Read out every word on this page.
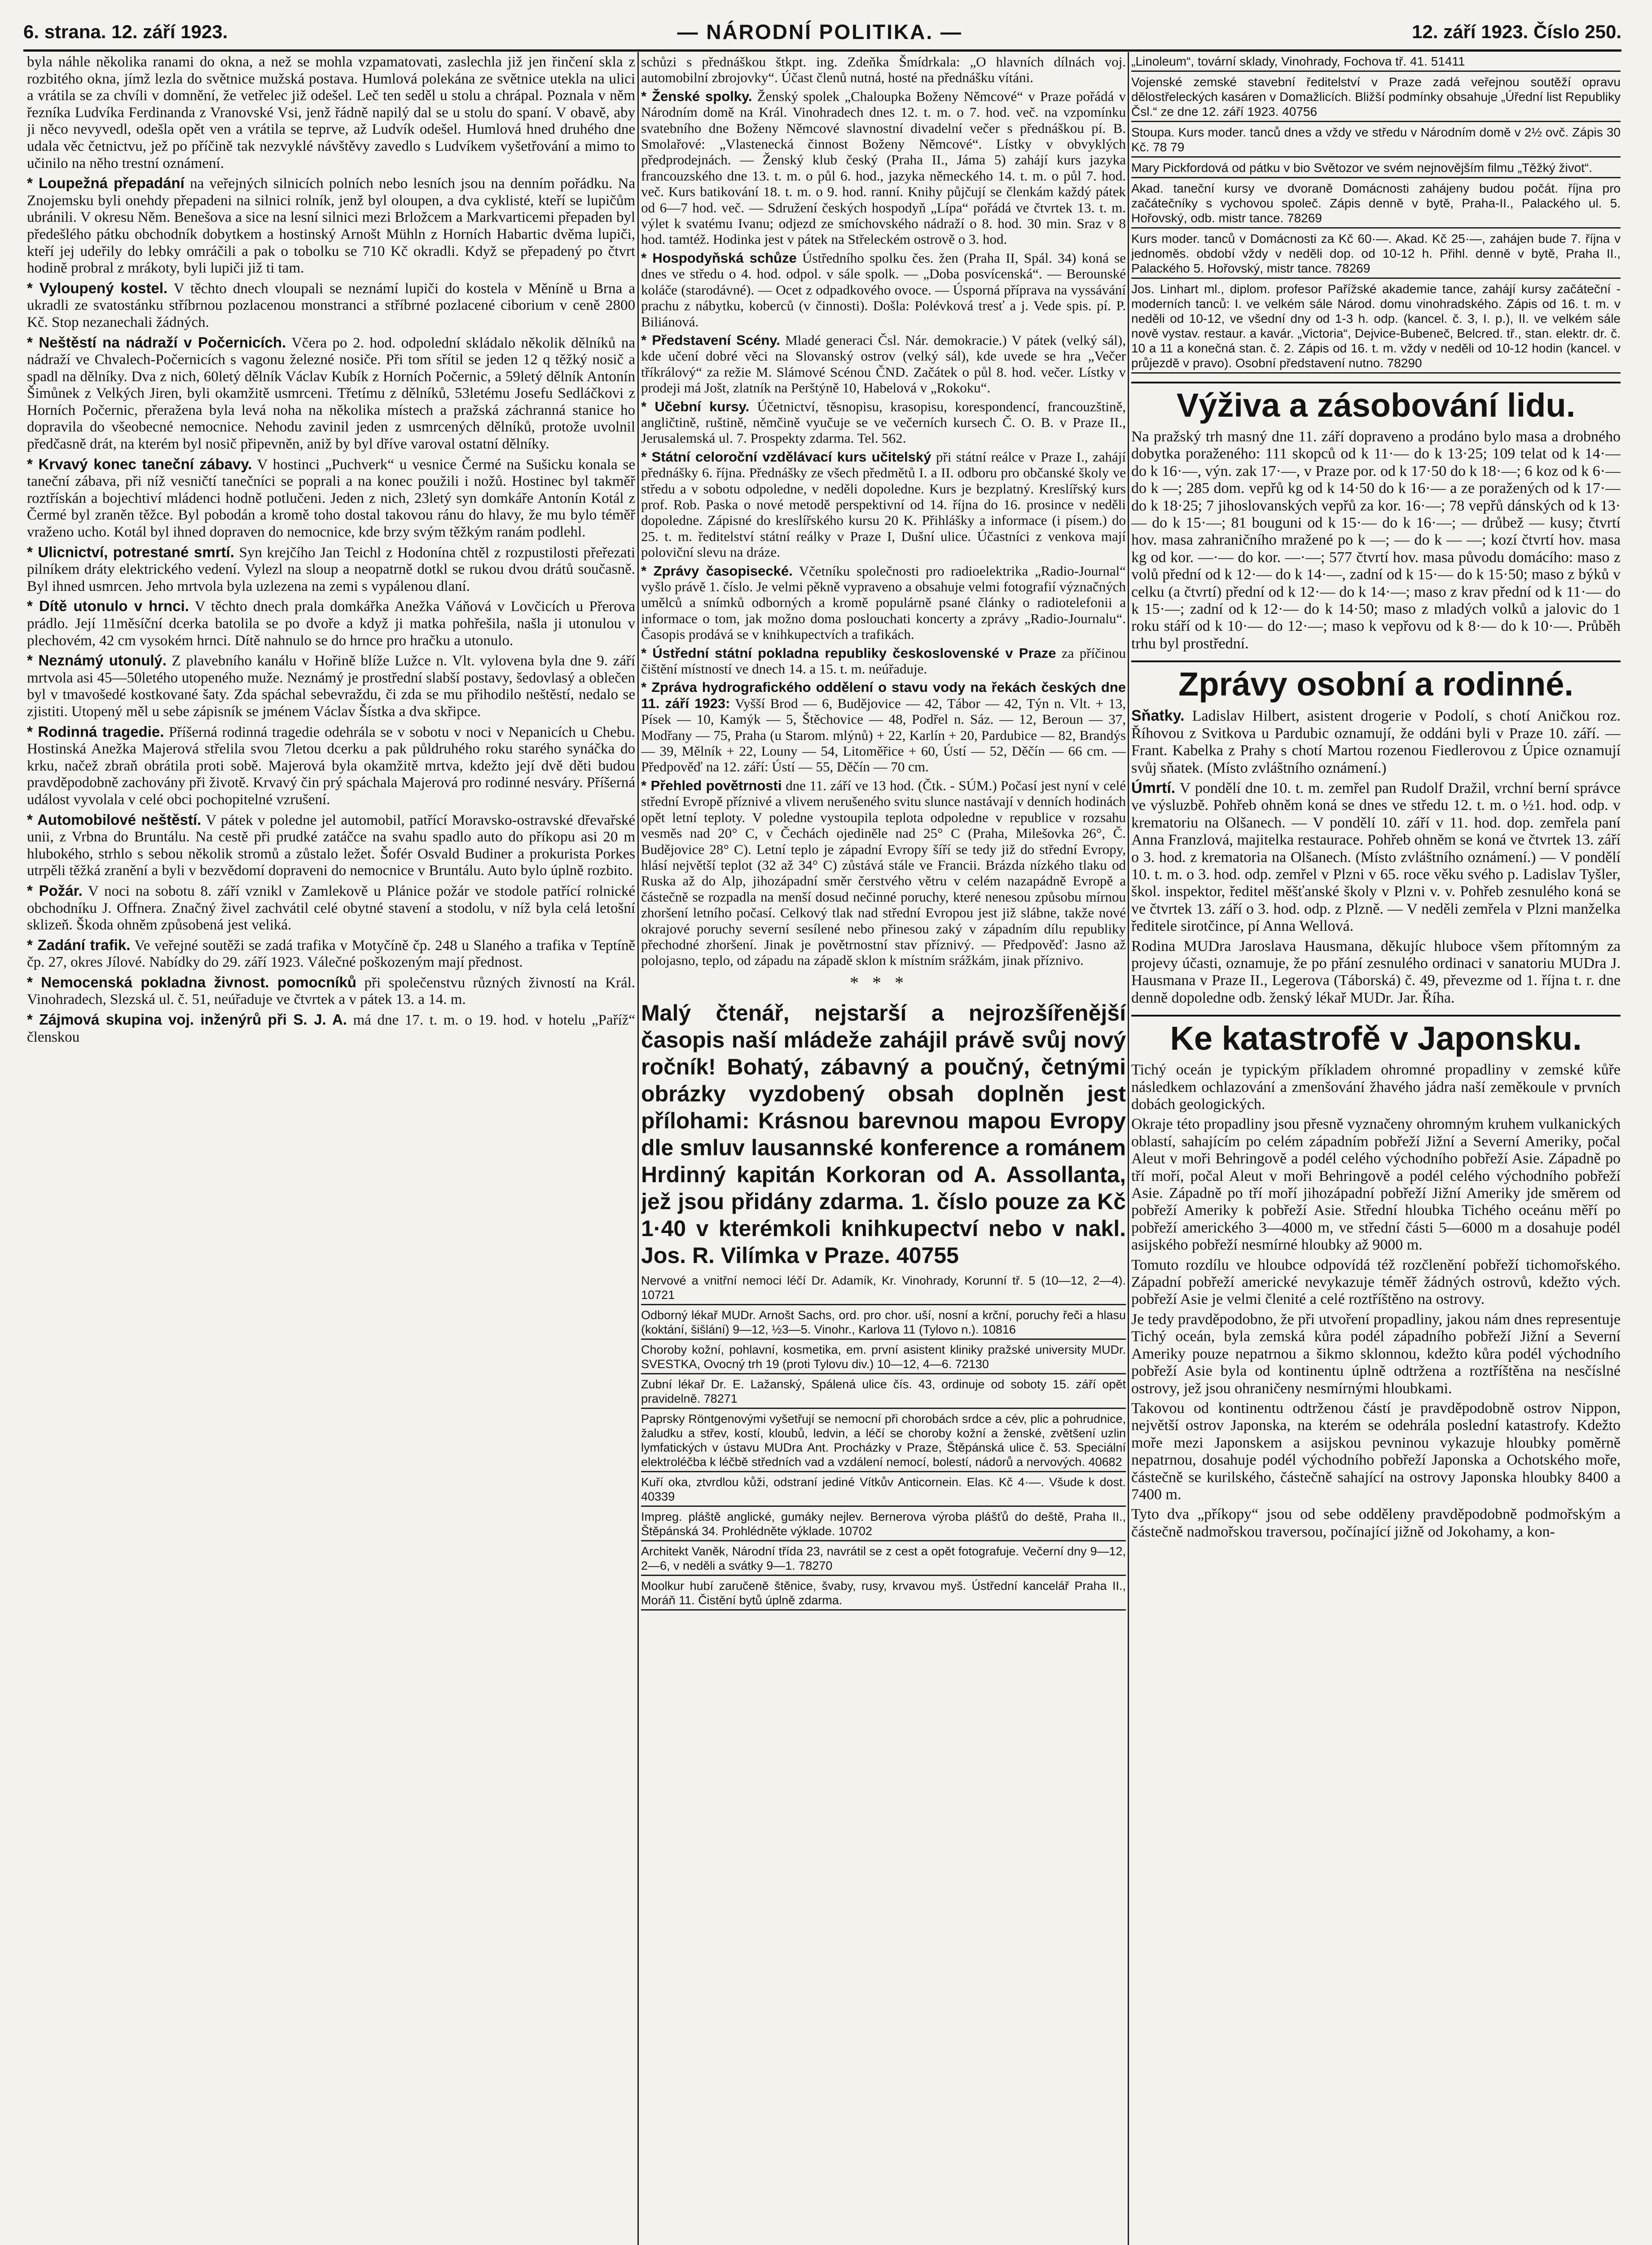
6. strana. 12. září 1923.	— NÁRODNÍ POLITIKA. —	12. září 1923. Číslo 250.

byla náhle několika ranami do okna, a než se mohla vzpamatovati, zaslechla již jen řinčení skla z rozbitého okna, jímž lezla do světnice mužská postava. Humlová polekána ze světnice utekla na ulici a vrátila se za chvíli v domnění, že vetřelec již odešel. Leč ten seděl u stolu a chrápal. Poznala v něm řezníka Ludvíka Ferdinanda z Vranovské Vsi, jenž řádně napilý dal se u stolu do spaní. V obavě, aby ji něco nevyvedl, odešla opět ven a vrátila se teprve, až Ludvík odešel. Humlová hned druhého dne udala věc četnictvu, jež po příčině tak nezvyklé návštěvy zavedlo s Ludvíkem vyšetřování a mimo to učinilo na něho trestní oznámení.

* Loupežná přepadání na veřejných silnicích polních nebo lesních jsou na denním pořádku. Na Znojemsku byli onehdy přepadeni na silnici rolník, jenž byl oloupen, a dva cyklisté, kteří se lupičům ubránili. V okresu Něm. Benešova a sice na lesní silnici mezi Brložcem a Markvarticemi přepaden byl předešlého pátku obchodník dobytkem a hostinský Arnošt Mühln z Horních Habartic dvěma lupiči, kteří jej udeřily do lebky omráčili a pak o tobolku se 710 Kč okradli. Když se přepadený po čtvrt hodině probral z mrákoty, byli lupiči již ti tam.

* Vyloupený kostel. V těchto dnech vloupali se neznámí lupiči do kostela v Měníně u Brna a ukradli ze svatostánku stříbrnou pozlacenou monstranci a stříbrné pozlacené ciborium v ceně 2800 Kč. Stop nezanechali žádných.

* Neštěstí na nádraží v Počernicích. Včera po 2. hod. odpolední skládalo několik dělníků na nádraží ve Chvalech-Počernicích s vagonu železné nosiče. Při tom sřítil se jeden 12 q těžký nosič a spadl na dělníky. Dva z nich, 60letý dělník Václav Kubík z Horních Počernic, a 59letý dělník Antonín Šimůnek z Velkých Jiren, byli okamžitě usmrceni. Třetímu z dělníků, 53letému Josefu Sedláčkovi z Horních Počernic, přeražena byla levá noha na několika místech a pražská záchranná stanice ho dopravila do všeobecné nemocnice. Nehodu zavinil jeden z usmrcených dělníků, protože uvolnil předčasně drát, na kterém byl nosič připevněn, aniž by byl dříve varoval ostatní dělníky.

* Krvavý konec taneční zábavy. V hostinci „Puchverk“ u vesnice Čermé na Sušicku konala se taneční zábava, při níž vesničtí tanečníci se poprali a na konec použili i nožů. Hostinec byl takměř roztřískán a bojechtiví mládenci hodně potlučeni. Jeden z nich, 23letý syn domkáře Antonín Kotál z Čermé byl zraněn těžce. Byl pobodán a kromě toho dostal takovou ránu do hlavy, že mu bylo téměř vraženo ucho. Kotál byl ihned dopraven do nemocnice, kde brzy svým těžkým ranám podlehl.

* Ulicnictví, potrestané smrtí. Syn krejčího Jan Teichl z Hodonína chtěl z rozpustilosti přeřezati pilníkem dráty elektrického vedení. Vylezl na sloup a neopatrně dotkl se rukou dvou drátů současně. Byl ihned usmrcen. Jeho mrtvola byla uzlezena na zemi s vypálenou dlaní.

* Dítě utonulo v hrnci. V těchto dnech prala domkářka Anežka Váňová v Lovčicích u Přerova prádlo. Její 11měsíční dcerka batolila se po dvoře a když ji matka pohřešila, našla ji utonulou v plechovém, 42 cm vysokém hrnci. Dítě nahnulo se do hrnce pro hračku a utonulo.

* Neznámý utonulý. Z plavebního kanálu v Hořině blíže Lužce n. Vlt. vylovena byla dne 9. září mrtvola asi 45—50letého utopeného muže. Neznámý je prostřední slabší postavy, šedovlasý a oblečen byl v tmavošedé kostkované šaty. Zda spáchal sebevraždu, či zda se mu přihodilo neštěstí, nedalo se zjistiti. Utopený měl u sebe zápisník se jménem Václav Šístka a dva skřipce.

* Rodinná tragedie. Příšerná rodinná tragedie odehrála se v sobotu v noci v Nepanicích u Chebu. Hostinská Anežka Majerová střelila svou 7letou dcerku a pak půldruhého roku starého synáčka do krku, načež zbraň obrátila proti sobě. Majerová byla okamžitě mrtva, kdežto její dvě děti budou pravděpodobně zachovány při životě. Krvavý čin prý spáchala Majerová pro rodinné nesváry. Příšerná událost vyvolala v celé obci pochopitelné vzrušení.

* Automobilové neštěstí. V pátek v poledne jel automobil, patřící Moravsko-ostravské dřevařské unii, z Vrbna do Bruntálu. Na cestě při prudké zatáčce na svahu spadlo auto do příkopu asi 20 m hlubokého, strhlo s sebou několik stromů a zůstalo ležet. Šofér Osvald Budiner a prokurista Porkes utrpěli těžká zranění a byli v bezvědomí dopraveni do nemocnice v Bruntálu. Auto bylo úplně rozbito.

* Požár. V noci na sobotu 8. září vznikl v Zamlekově u Plánice požár ve stodole patřící rolnické obchodníku J. Offnera. Značný živel zachvátil celé obytné stavení a stodolu, v níž byla celá letošní sklizeň. Škoda ohněm způsobená jest veliká.

* Zadání trafik. Ve veřejné soutěži se zadá trafika v Motyčíně čp. 248 u Slaného a trafika v Teptíně čp. 27, okres Jílové. Nabídky do 29. září 1923. Válečné poškozeným mají přednost.

* Nemocenská pokladna živnost. pomocníků při společenstvu různých živností na Král. Vinohradech, Slezská ul. č. 51, neúřaduje ve čtvrtek a v pátek 13. a 14. m.

* Zájmová skupina voj. inženýrů při S. J. A. má dne 17. t. m. o 19. hod. v hotelu „Paříž“ členskou

schůzi s přednáškou štkpt. ing. Zdeňka Šmídrkala: „O hlavních dílnách voj. automobilní zbrojovky“. Účast členů nutná, hosté na přednášku vítáni.

* Ženské spolky. Ženský spolek „Chaloupka Boženy Němcové“ v Praze pořádá v Národním domě na Král. Vinohradech dnes 12. t. m. o 7. hod. več. na vzpomínku svatebního dne Boženy Němcové slavnostní divadelní večer s přednáškou pí. B. Smolařové: „Vlastenecká činnost Boženy Němcové“. Lístky v obvyklých předprodejnách. — Ženský klub český (Praha II., Jáma 5) zahájí kurs jazyka francouzského dne 13. t. m. o půl 6. hod., jazyka německého 14. t. m. o půl 7. hod. več. Kurs batikování 18. t. m. o 9. hod. ranní. Knihy půjčují se členkám každý pátek od 6—7 hod. več. — Sdružení českých hospodyň „Lípa“ pořádá ve čtvrtek 13. t. m. výlet k svatému Ivanu; odjezd ze smíchovského nádraží o 8. hod. 30 min. Sraz v 8 hod. tamtéž. Hodinka jest v pátek na Střeleckém ostrově o 3. hod.

* Hospodyňská schůze Ústředního spolku čes. žen (Praha II, Spál. 34) koná se dnes ve středu o 4. hod. odpol. v sále spolk. — „Doba posvícenská“. — Berounské koláče (starodávné). — Ocet z odpadkového ovoce. — Úsporná příprava na vyssávání prachu z nábytku, koberců (v činnosti). Došla: Polévková tresť a j. Vede spis. pí. P. Biliánová.

* Představení Scény. Mladé generaci Čsl. Nár. demokracie.) V pátek (velký sál), kde učení dobré věci na Slovanský ostrov (velký sál), kde uvede se hra „Večer tříkrálový“ za režie M. Slámové Scénou ČND. Začátek o půl 8. hod. večer. Lístky v prodeji má Jošt, zlatník na Perštýně 10, Habelová v „Rokoku“.

* Učební kursy. Účetnictví, těsnopisu, krasopisu, korespondencí, francouzštině, angličtině, ruštině, němčině vyučuje se ve večerních kursech Č. O. B. v Praze II., Jerusalemská ul. 7. Prospekty zdarma. Tel. 562.

* Státní celoroční vzdělávací kurs učitelský při státní reálce v Praze I., zahájí přednášky 6. října. Přednášky ze všech předmětů I. a II. odboru pro občanské školy ve středu a v sobotu odpoledne, v neděli dopoledne. Kurs je bezplatný. Kreslířský kurs prof. Rob. Paska o nové metodě perspektivní od 14. října do 16. prosince v neděli dopoledne. Zápisné do kreslířského kursu 20 K. Přihlášky a informace (i písem.) do 25. t. m. ředitelství státní reálky v Praze I, Dušní ulice. Účastníci z venkova mají poloviční slevu na dráze.

* Zprávy časopisecké. Včetníku společnosti pro radioelektrika „Radio-Journal“ vyšlo právě 1. číslo. Je velmi pěkně vypraveno a obsahuje velmi fotografií význačných umělců a snímků odborných a kromě populárně psané články o radiotelefonii a informace o tom, jak možno doma poslouchati koncerty a zprávy „Radio-Journalu“. Časopis prodává se v knihkupectvích a trafikách.

* Ústřední státní pokladna republiky československé v Praze za příčinou čištění místností ve dnech 14. a 15. t. m. neúřaduje.

* Zpráva hydrografického oddělení o stavu vody na řekách českých dne 11. září 1923: Vyšší Brod — 6, Budějovice — 42, Tábor — 42, Týn n. Vlt. + 13, Písek — 10, Kamýk — 5, Štěchovice — 48, Podřel n. Sáz. — 12, Beroun — 37, Modřany — 75, Praha (u Starom. mlýnů) + 22, Karlín + 20, Pardubice — 82, Brandýs — 39, Mělník + 22, Louny — 54, Litoměřice + 60, Ústí — 52, Děčín — 66 cm. — Předpověď na 12. září: Ústí — 55, Děčín — 70 cm.

* Přehled povětrnosti dne 11. září ve 13 hod. (Čtk. - SÚM.) Počasí jest nyní v celé střední Evropě příznivé a vlivem nerušeného svitu slunce nastávají v denních hodinách opět letní teploty. V poledne vystoupila teplota odpoledne v republice v rozsahu vesměs nad 20° C, v Čechách ojediněle nad 25° C (Praha, Milešovka 26°, Č. Budějovice 28° C). Letní teplo je západní Evropy šíří se tedy již do střední Evropy, hlásí největší teplot (32 až 34° C) zůstává stále ve Francii. Brázda nízkého tlaku od Ruska až do Alp, jihozápadní směr čerstvého větru v celém nazapádně Evropě a částečně se rozpadla na menší dosud nečinné poruchy, které nenesou způsobu mírnou zhoršení letního počasí. Celkový tlak nad střední Evropou jest již slábne, takže nové okrajové poruchy severní sesílené nebo přinesou zaký v západním dílu republiky přechodné zhoršení. Jinak je povětrnostní stav příznivý. — Předpověď: Jasno až polojasno, teplo, od západu na západě sklon k místním srážkám, jinak příznivo.

***
Malý čtenář, nejstarší a nejrozšířenější časopis naší mládeže zahájil právě svůj nový ročník! Bohatý, zábavný a poučný, četnými obrázky vyzdobený obsah doplněn jest přílohami: Krásnou barevnou mapou Evropy dle smluv lausannské konference a románem Hrdinný kapitán Korkoran od A. Assollanta, jež jsou přidány zdarma. 1. číslo pouze za Kč 1·40 v kterémkoli knihkupectví nebo v nakl. Jos. R. Vilímka v Praze. 40755

Nervové a vnitřní nemoci léčí Dr. Adamík, Kr. Vinohrady, Korunní tř. 5 (10—12, 2—4). 10721

Odborný lékař MUDr. Arnošt Sachs, ord. pro chor. uší, nosní a krční, poruchy řeči a hlasu (koktání, šišlání) 9—12, ½3—5. Vinohr., Karlova 11 (Tylovo n.). 10816

Choroby kožní, pohlavní, kosmetika, em. první asistent kliniky pražské university MUDr. SVESTKA, Ovocný trh 19 (proti Tylovu div.) 10—12, 4—6. 72130

Zubní lékař Dr. E. Lažanský, Spálená ulice čís. 43, ordinuje od soboty 15. září opět pravidelně. 78271

Paprsky Röntgenovými vyšetřují se nemocní při chorobách srdce a cév, plic a pohrudnice, žaludku a střev, kostí, kloubů, ledvin, a léčí se choroby kožní a ženské, zvětšení uzlin lymfatických v ústavu MUDra Ant. Procházky v Praze, Štěpánská ulice č. 53. Speciální elektroléčba k léčbě středních vad a vzdálení nemocí, bolestí, nádorů a nervových. 40682

Kuří oka, ztvrdlou kůži, odstraní jediné Vítkův Anticornein. Elas. Kč 4·—. Všude k dost. 40339

Impreg. pláště anglické, gumáky nejlev. Bernerova výroba plášťů do deště, Praha II., Štěpánská 34. Prohlédněte výklade. 10702

Architekt Vaněk, Národní třída 23, navrátil se z cest a opět fotografuje. Večerní dny 9—12, 2—6, v neděli a svátky 9—1. 78270

Moolkur hubí zaručeně štěnice, švaby, rusy, krvavou myš. Ústřední kancelář Praha II., Moráň 11. Čistění bytů úplně zdarma.

„Linoleum“, tovární sklady, Vinohrady, Fochova tř. 41. 51411

Vojenské zemské stavební ředitelství v Praze zadá veřejnou soutěží opravu dělostřeleckých kasáren v Domažlicích. Bližší podmínky obsahuje „Úřední list Republiky Čsl.“ ze dne 12. září 1923. 40756

Stoupa. Kurs moder. tanců dnes a vždy ve středu v Národním domě v 2½ ovč. Zápis 30 Kč. 78 79

Mary Pickfordová od pátku v bio Světozor ve svém nejnovějším filmu „Těžký život“.

Akad. taneční kursy ve dvoraně Domácnosti zahájeny budou počát. října pro začátečníky s vychovou společ. Zápis denně v bytě, Praha-II., Palackého ul. 5. Hořovský, odb. mistr tance. 78269

Kurs moder. tanců v Domácnosti za Kč 60·—. Akad. Kč 25·—, zahájen bude 7. října v jednoměs. období vždy v neděli dop. od 10-12 h. Přihl. denně v bytě, Praha II., Palackého 5. Hořovský, mistr tance. 78269

Jos. Linhart ml., diplom. profesor Pařížské akademie tance, zahájí kursy začáteční - moderních tanců: I. ve velkém sále Národ. domu vinohradského. Zápis od 16. t. m. v neděli od 10-12, ve všední dny od 1-3 h. odp. (kancel. č. 3, I. p.), II. ve velkém sále nově vystav. restaur. a kavár. „Victoria“, Dejvice-Bubeneč, Belcred. tř., stan. elektr. dr. č. 10 a 11 a konečná stan. č. 2. Zápis od 16. t. m. vždy v neděli od 10-12 hodin (kancel. v průjezdě v pravo). Osobní představení nutno. 78290

Výživa a zásobování lidu.

Na pražský trh masný dne 11. září dopraveno a prodáno bylo masa a drobného dobytka poraženého: 111 skopců od k 11·— do k 13·25; 109 telat od k 14·— do k 16·—, výn. zak 17·—, v Praze por. od k 17·50 do k 18·—; 6 koz od k 6·— do k —; 285 dom. vepřů kg od k 14·50 do k 16·— a ze poražených od k 17·— do k 18·25; 7 jihoslovanských vepřů za kor. 16·—; 78 vepřů dánských od k 13·— do k 15·—; 81 bouguni od k 15·— do k 16·—; — drůbež — kusy; čtvrtí hov. masa zahraničního mražené po k —; — do k — —; kozí čtvrtí hov. masa kg od kor. —·— do kor. —·—; 577 čtvrtí hov. masa původu domácího: maso z volů přední od k 12·— do k 14·—, zadní od k 15·— do k 15·50; maso z býků v celku (a čtvrtí) přední od k 12·— do k 14·—; maso z krav přední od k 11·— do k 15·—; zadní od k 12·— do k 14·50; maso z mladých volků a jalovic do 1 roku stáří od k 10·— do 12·—; maso k vepřovu od k 8·— do k 10·—. Průběh trhu byl prostřední.

Zprávy osobní a rodinné.

Sňatky. Ladislav Hilbert, asistent drogerie v Podolí, s chotí Aničkou roz. Říhovou z Svitkova u Pardubic oznamují, že oddáni byli v Praze 10. září. — Frant. Kabelka z Prahy s chotí Martou rozenou Fiedlerovou z Úpice oznamují svůj sňatek. (Místo zvláštního oznámení.)

Úmrtí. V pondělí dne 10. t. m. zemřel pan Rudolf Dražil, vrchní berní správce ve výsluzbě. Pohřeb ohněm koná se dnes ve středu 12. t. m. o ½1. hod. odp. v krematoriu na Olšanech. — V pondělí 10. září v 11. hod. dop. zemřela paní Anna Franzlová, majitelka restaurace. Pohřeb ohněm se koná ve čtvrtek 13. září o 3. hod. z krematoria na Olšanech. (Místo zvláštního oznámení.) — V pondělí 10. t. m. o 3. hod. odp. zemřel v Plzni v 65. roce věku svého p. Ladislav Tyšler, škol. inspektor, ředitel měšťanské školy v Plzni v. v. Pohřeb zesnulého koná se ve čtvrtek 13. září o 3. hod. odp. z Plzně. — V neděli zemřela v Plzni manželka ředitele sirotčince, pí Anna Wellová.

Rodina MUDra Jaroslava Hausmana, děkujíc hluboce všem přítomným za projevy účasti, oznamuje, že po přání zesnulého ordinaci v sanatoriu MUDra J. Hausmana v Praze II., Legerova (Táborská) č. 49, převezme od 1. října t. r. dne denně dopoledne odb. ženský lékař MUDr. Jar. Říha.

Ke katastrofě v Japonsku.

Tichý oceán je typickým příkladem ohromné propadliny v zemské kůře následkem ochlazování a zmenšování žhavého jádra naší zeměkoule v prvních dobách geologických.

Okraje této propadliny jsou přesně vyznačeny ohromným kruhem vulkanických oblastí, sahajícím po celém západním pobřeží Jižní a Severní Ameriky, počal Aleut v moři Behringově a podél celého východního pobřeží Asie. Západně po tří moří, počal Aleut v moři Behringově a podél celého východního pobřeží Asie. Západně po tří moří jihozápadní pobřeží Jižní Ameriky jde směrem od pobřeží Ameriky k pobřeží Asie. Střední hloubka Tichého oceánu měří po pobřeží amerického 3—4000 m, ve střední části 5—6000 m a dosahuje podél asijského pobřeží nesmírné hloubky až 9000 m.

Tomuto rozdílu ve hloubce odpovídá též rozčlenění pobřeží tichomořského. Západní pobřeží americké nevykazuje téměř žádných ostrovů, kdežto vých. pobřeží Asie je velmi členité a celé roztříštěno na ostrovy.

Je tedy pravděpodobno, že při utvoření propadliny, jakou nám dnes representuje Tichý oceán, byla zemská kůra podél západního pobřeží Jižní a Severní Ameriky pouze nepatrnou a šikmo sklonnou, kdežto kůra podél východního pobřeží Asie byla od kontinentu úplně odtržena a roztříštěna na nesčíslné ostrovy, jež jsou ohraničeny nesmírnými hloubkami.

Takovou od kontinentu odtrženou částí je pravděpodobně ostrov Nippon, největší ostrov Japonska, na kterém se odehrála poslední katastrofy. Kdežto moře mezi Japonskem a asijskou pevninou vykazuje hloubky poměrně nepatrnou, dosahuje podél východního pobřeží Japonska a Ochotského moře, částečně se kurilského, částečně sahající na ostrovy Japonska hloubky 8400 a 7400 m.

Tyto dva „příkopy“ jsou od sebe odděleny pravděpodobně podmořským a částečně nadmořskou traversou, počínající jižně od Jokohamy, a kon-
